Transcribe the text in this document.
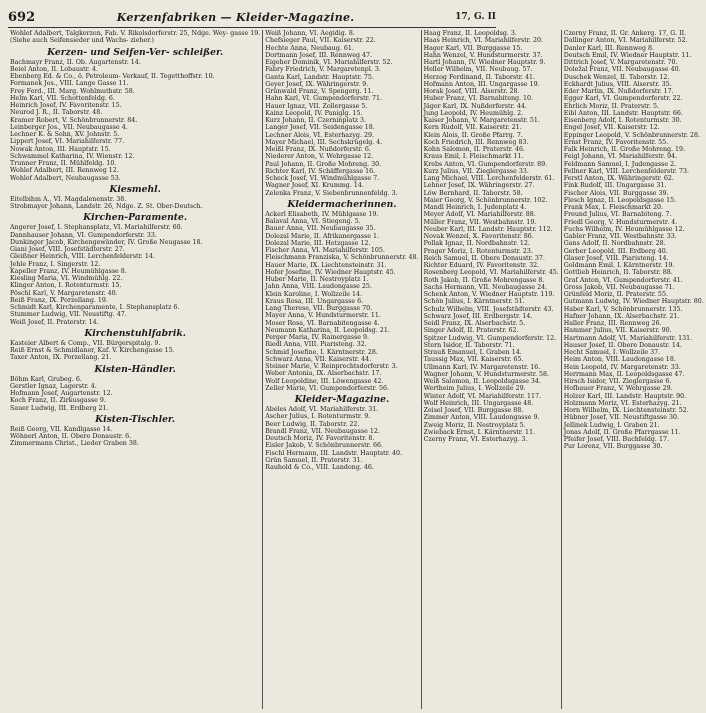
692	Kerzenfabriken — Kleider-Magazine.	17, G. II
Wohlef Adalbert, Talgkerzen, Fab. V. Rikolsdorferstr. 25, Ndge. Wey- gasse 19.
(Siehe auch Seifensieder und Wachs- zieher.)
Kerzen- und Seifen-Ver- schleißer.
Bachmayr Franz, II. Ob. Augartenstr. 14.
Beiel Anton, II. Lobaustr. 4.
Ebenberg Ed. & Co., ö. Petroleum- Verkauf, II. Tegetthoffstr. 10.
Formanek Jos., VIII. Lange Gasse 11.
Frey Ferd., III. Marg. Wohlmuthstr. 58.
Helm Karl, VII. Schottenfeldg. 6.
Heinrich Josef, IV. Favoritenstr. 15.
Neurod J. R., II. Taborstr. 48.
Kramer Robert, V. Schönbrunnerstr. 84.
Leinberger Jos., VII. Neubaugasse 4.
Lechner K. & Sohn, XV. Johnstr. 5.
Lippert Josef, VI. Mariahilferstr. 77.
Nowak Anton, III. Hauptstr. 15.
Schwammel Katharina, IV. Wienstr. 12.
Trunner Franz, II. Mühlfeldg. 10.
Wohlef Adalbert, III. Rennweg 12.
Wohlef Adalbert, Neubaugasse 53.
Kiesmehl.
Eitelbihm A., VI. Magdalenenstr. 38.
Strobmayer Johann, Landstr. 26, Ndge. Z. St. Ober-Deutsch.
Kirchen-Paramente.
Angerer Josef, I. Stephansplatz, VI. Mariahilferstr. 60.
Dannhauser Johann, VI. Gumpendorferstr. 33.
Dunkinger Jacob, Kirchengewänder, IV. Große Neugasse 18.
Giani Josef, VIII. Josefstädterstr. 27.
Gleißner Heinrich, VIII. Lerchenfelderstr. 14.
Jehle Franz, I. Singerstr. 12.
Kapeller Franz, IV. Heumühlgasse 8.
Kiesling Maria, VI. Windmühlg. 22.
Klinger Anton, I. Rotenturmstr. 15.
Pöschl Karl, V. Margaretenstr. 40.
Reiß Franz, IX. Porzellang. 19.
Schmidt Karl, Kirchenparamente, I. Stephansplatz 6.
Stummer Ludwig, VII. Neustiftg. 47.
Weiß Josef, II. Praterstr. 14.
Kirchenstuhlfabrik.
Kasteier Albert & Comp., VII. Bürgerspitalg. 9.
Reiß Ernst & Schmidlaner, Kaf. V. Kirchengasse 15.
Taxer Anton, IX. Porzellang. 21.
Kisten-Händler.
Böhm Karl, Grubeg. 6.
Gerstler Ignaz, Lagerstr. 4.
Hofmann Josef, Augartenstr. 12.
Koch Franz, II. Zirkusgasse 9.
Sauer Ludwig, III. Erdberg 21.
Kisten-Tischler.
Reiß Georg, VII. Kandlgasse 14.
Wöhnerl Anton, II. Obere Donaustr. 6.
Zimmermann Christ., Lieder Graben 38.
Weiß Johann, VI. Aegidig. 8.
Chefsieger Paul, VII. Kaiserstr. 22.
Hechte Anna, Neubaug. 61.
Dortmann Josef, III. Rennweg 47.
Eigeher Dominik, VI. Mariahilferstr. 52.
Fabry Friedrich, V. Margaretenpl. 3.
Ganta Karl, Landstr. Hauptstr. 75.
Geyer Josef, IX. Währingerstr. 9.
Grünwald Franz, V. Spengerg. 11.
Hahn Karl, VI. Gumpendorferstr. 71.
Hauer Ignaz, VII. Zollergasse 5.
Kainz Leopold, IV. Paniglg. 15.
Kurz Johann, II. Czerninplatz 3.
Langer Josef, VII. Seidengasse 18.
Lechner Alois, VI. Esterhazyg. 29.
Mayer Michael, III. Sechskrügelg. 4.
Meißl Franz, IX. Nußdorferstr. 6.
Niederer Anton, V. Wehrgasse 12.
Paul Johann, II. Große Mohreng. 30.
Richter Karl, IV. Schäffergasse 16.
Scheck Josef, VI. Windmühlgasse 7.
Wagner Josef, XI. Krummg. 14.
Zelenka Franz, V. Siebenbrunnenfeldg. 3.
Kleidermacherinnen.
Ackerl Elisabeth, IV. Mühlgasse 19.
Balaval Anna, VI. Stiegeng. 5.
Bauer Anna, VII. Neubaugasse 35.
Dolezal Marie, II. Afrikanergasse 1.
Dolezal Marie, III. Hetzgasse 12.
Fischer Anna, VI. Mariahilferstr. 105.
Fleischmann Franziska, V. Schönbrunnerstr. 48.
Hauer Marie, IX. Liechtensteinstr. 31.
Hofer Josefine, IV. Wiedner Hauptstr. 45.
Huber Marie, II. Nestroyplatz 1.
Jahn Anna, VIII. Laudongasse 25.
Klein Karoline, I. Wollzeile 14.
Kraus Rosa, III. Ungargasse 6.
Lang Therese, VII. Burggasse 70.
Mayer Anna, V. Hundsturmerstr. 11.
Moser Rosa, VI. Barnabitengasse 4.
Neumann Katharina, II. Leopoldsg. 21.
Perger Maria, IV. Rainergasse 9.
Riedl Anna, VIII. Piaristeng. 32.
Schmid Josefine, I. Kärntnerstr. 28.
Schwarz Anna, VII. Kaiserstr. 44.
Steiner Marie, V. Reinprechtsdorferstr. 3.
Weber Antonia, IX. Alserbachstr. 17.
Wolf Leopoldine, III. Löwengasse 42.
Zeller Marie, VI. Gumpendorferstr. 56.
Kleider-Magazine.
Abeles Adolf, VI. Mariahilferstr. 31.
Ascher Julius, I. Rotenturmstr. 9.
Beer Ludwig, II. Taborstr. 22.
Brandl Franz, VII. Neubaugasse 12.
Deutsch Moriz, IV. Favoritenstr. 8.
Eisler Jakob, V. Schönbrunnerstr. 66.
Fischl Hermann, III. Landstr. Hauptstr. 40.
Grün Samuel, II. Praterstr. 31.
Rauhold & Co., VIII. Landong. 46.
Haag Franz, II. Leopoldsg. 3.
Haas Heinrich, VI. Mariahilferstr. 20.
Hager Karl, VII. Burggasse 15.
Hahn Wenzel, V. Hundsturmerstr. 37.
Hartl Johann, IV. Wiedner Hauptstr. 9.
Heller Wilhelm, VII. Neubaug. 57.
Herzog Ferdinand, II. Taborstr. 41.
Hofmann Anton, III. Ungargasse 19.
Horak Josef, VIII. Alserstr. 28.
Huber Franz, VI. Barnabiteng. 10.
Jäger Karl, IX. Nußdorferstr. 44.
Jung Leopold, IV. Heumühlg. 2.
Kaiser Johann, V. Margaretenstr. 51.
Kern Rudolf, VII. Kaiserstr. 21.
Klein Alois, II. Große Pfarrg. 7.
Koch Friedrich, III. Rennweg 83.
Kohn Salomon, II. Praterstr. 46.
Kraus Emil, I. Fleischmarkt 11.
Krebs Anton, VI. Gumpendorferstr. 89.
Kurz Julius, VII. Zieglergasse 33.
Lang Michael, VIII. Lerchenfelderstr. 61.
Lehner Josef, IX. Währingerstr. 27.
Löw Bernhard, II. Taborstr. 58.
Maier Georg, V. Schönbrunnerstr. 102.
Mandl Heinrich, I. Judenplatz 4.
Meyer Adolf, VI. Mariahilferstr. 88.
Müller Franz, VII. Westbahnstr. 19.
Neuber Karl, III. Landstr. Hauptstr. 112.
Novak Wenzel, X. Favoritenstr. 86.
Pollak Ignaz, II. Nordbahnstr. 12.
Prager Moriz, I. Rotenturmstr. 23.
Reich Samuel, II. Obere Donaustr. 37.
Richter Eduard, IV. Favoritenstr. 32.
Rosenberg Leopold, VI. Mariahilferstr. 45.
Roth Jakob, II. Große Mohrengasse 8.
Sachs Hermann, VII. Neubaugasse 24.
Schenk Anton, V. Wiedner Hauptstr. 119.
Schön Julius, I. Kärntnerstr. 51.
Schulz Wilhelm, VIII. Josefstädterstr. 43.
Schwarz Josef, III. Erdbergstr. 14.
Seidl Franz, IX. Alserbachstr. 5.
Singer Adolf, II. Praterstr. 62.
Spitzer Ludwig, VI. Gumpendorferstr. 12.
Stern Isidor, II. Taborstr. 71.
Strauß Emanuel, I. Graben 14.
Taussig Max, VII. Kaiserstr. 65.
Ullmann Karl, IV. Margaretenstr. 16.
Wagner Johann, V. Hundsturmerstr. 58.
Weiß Salomon, II. Leopoldsgasse 34.
Wertheim Julius, I. Wollzeile 29.
Winter Adolf, VI. Mariahilferstr. 117.
Wolf Heinrich, III. Ungargasse 48.
Zeisel Josef, VII. Burggasse 88.
Zimmer Anton, VIII. Laudongasse 9.
Zweig Moriz, II. Nestroyplatz 5.
Zwieback Ernst, I. Kärntnerstr. 11.
Czerny Franz, VI. Esterhazyg. 3.
Czerny Franz, II. Gr. Ankerg. 17, G. II.
Dallinger Anton, VI. Mariahilferstr. 52.
Danler Karl, III. Rennweg 8.
Deutsch Emil, IV. Wiedner Hauptstr. 11.
Dittrich Josef, V. Margaretenstr. 70.
Doležal Franz, VII. Neubaugasse 40.
Duschek Wenzel, II. Taborstr. 12.
Eckhardt Julius, VIII. Alserstr. 35.
Eder Martin, IX. Nußdorferstr. 17.
Egger Karl, VI. Gumpendorferstr. 22.
Ehrlich Moriz, II. Praterstr. 5.
Eibl Anton, III. Landstr. Hauptstr. 66.
Eisenberg Adolf, I. Rotenturmstr. 30.
Engel Josef, VII. Kaiserstr. 12.
Eppinger Leopold, V. Schönbrunnerstr. 28.
Ernst Franz, IV. Favoritenstr. 55.
Falk Heinrich, II. Große Mohreng. 19.
Feigl Johann, VI. Mariahilferstr. 94.
Feldmann Samuel, I. Judengasse 2.
Fellner Karl, VIII. Lerchenfelderstr. 73.
Ferstl Anton, IX. Währingerstr. 62.
Fink Rudolf, III. Ungargasse 31.
Fischer Alois, VII. Burggasse 39.
Flesch Ignaz, II. Leopoldsgasse 15.
Frank Max, I. Fleischmarkt 20.
Freund Julius, VI. Barnabiteng. 7.
Friedl Georg, V. Hundsturmerstr. 4.
Fuchs Wilhelm, IV. Heumühlgasse 12.
Gabler Franz, VII. Westbahnstr. 33.
Gans Adolf, II. Nordbahnstr. 28.
Gerber Leopold, III. Erdberg 40.
Glaser Josef, VIII. Piaristeng. 14.
Goldmann Emil, I. Kärntnerstr. 19.
Gottlieb Heinrich, II. Taborstr. 88.
Graf Anton, VI. Gumpendorferstr. 41.
Gross Jakob, VII. Neubaugasse 71.
Grünfeld Moriz, II. Praterstr. 55.
Gutmann Ludwig, IV. Wiedner Hauptstr. 80.
Haber Karl, V. Schönbrunnerstr. 135.
Hafner Johann, IX. Alserbachstr. 21.
Haller Franz, III. Rennweg 26.
Hammer Julius, VII. Kaiserstr. 90.
Hartmann Adolf, VI. Mariahilferstr. 131.
Hauser Josef, II. Obere Donaustr. 14.
Hecht Samuel, I. Wollzeile 37.
Heim Anton, VIII. Laudongasse 18.
Hein Leopold, IV. Margaretenstr. 33.
Herrmann Max, II. Leopoldsgasse 47.
Hirsch Isidor, VII. Zieglergasse 6.
Hofbauer Franz, V. Wehrgasse 29.
Holzer Karl, III. Landstr. Hauptstr. 90.
Holzmann Moriz, VI. Esterhazyg. 21.
Horn Wilhelm, IX. Liechtensteinstr. 52.
Hübner Josef, VII. Neustiftgasse 30.
Jellinek Ludwig, I. Graben 21.
Jonas Adolf, II. Große Pfarrgasse 11.
Pfeifer Josef, VIII. Buchfeldg. 17.
Pur Lorenz, VII. Burggasse 30.
